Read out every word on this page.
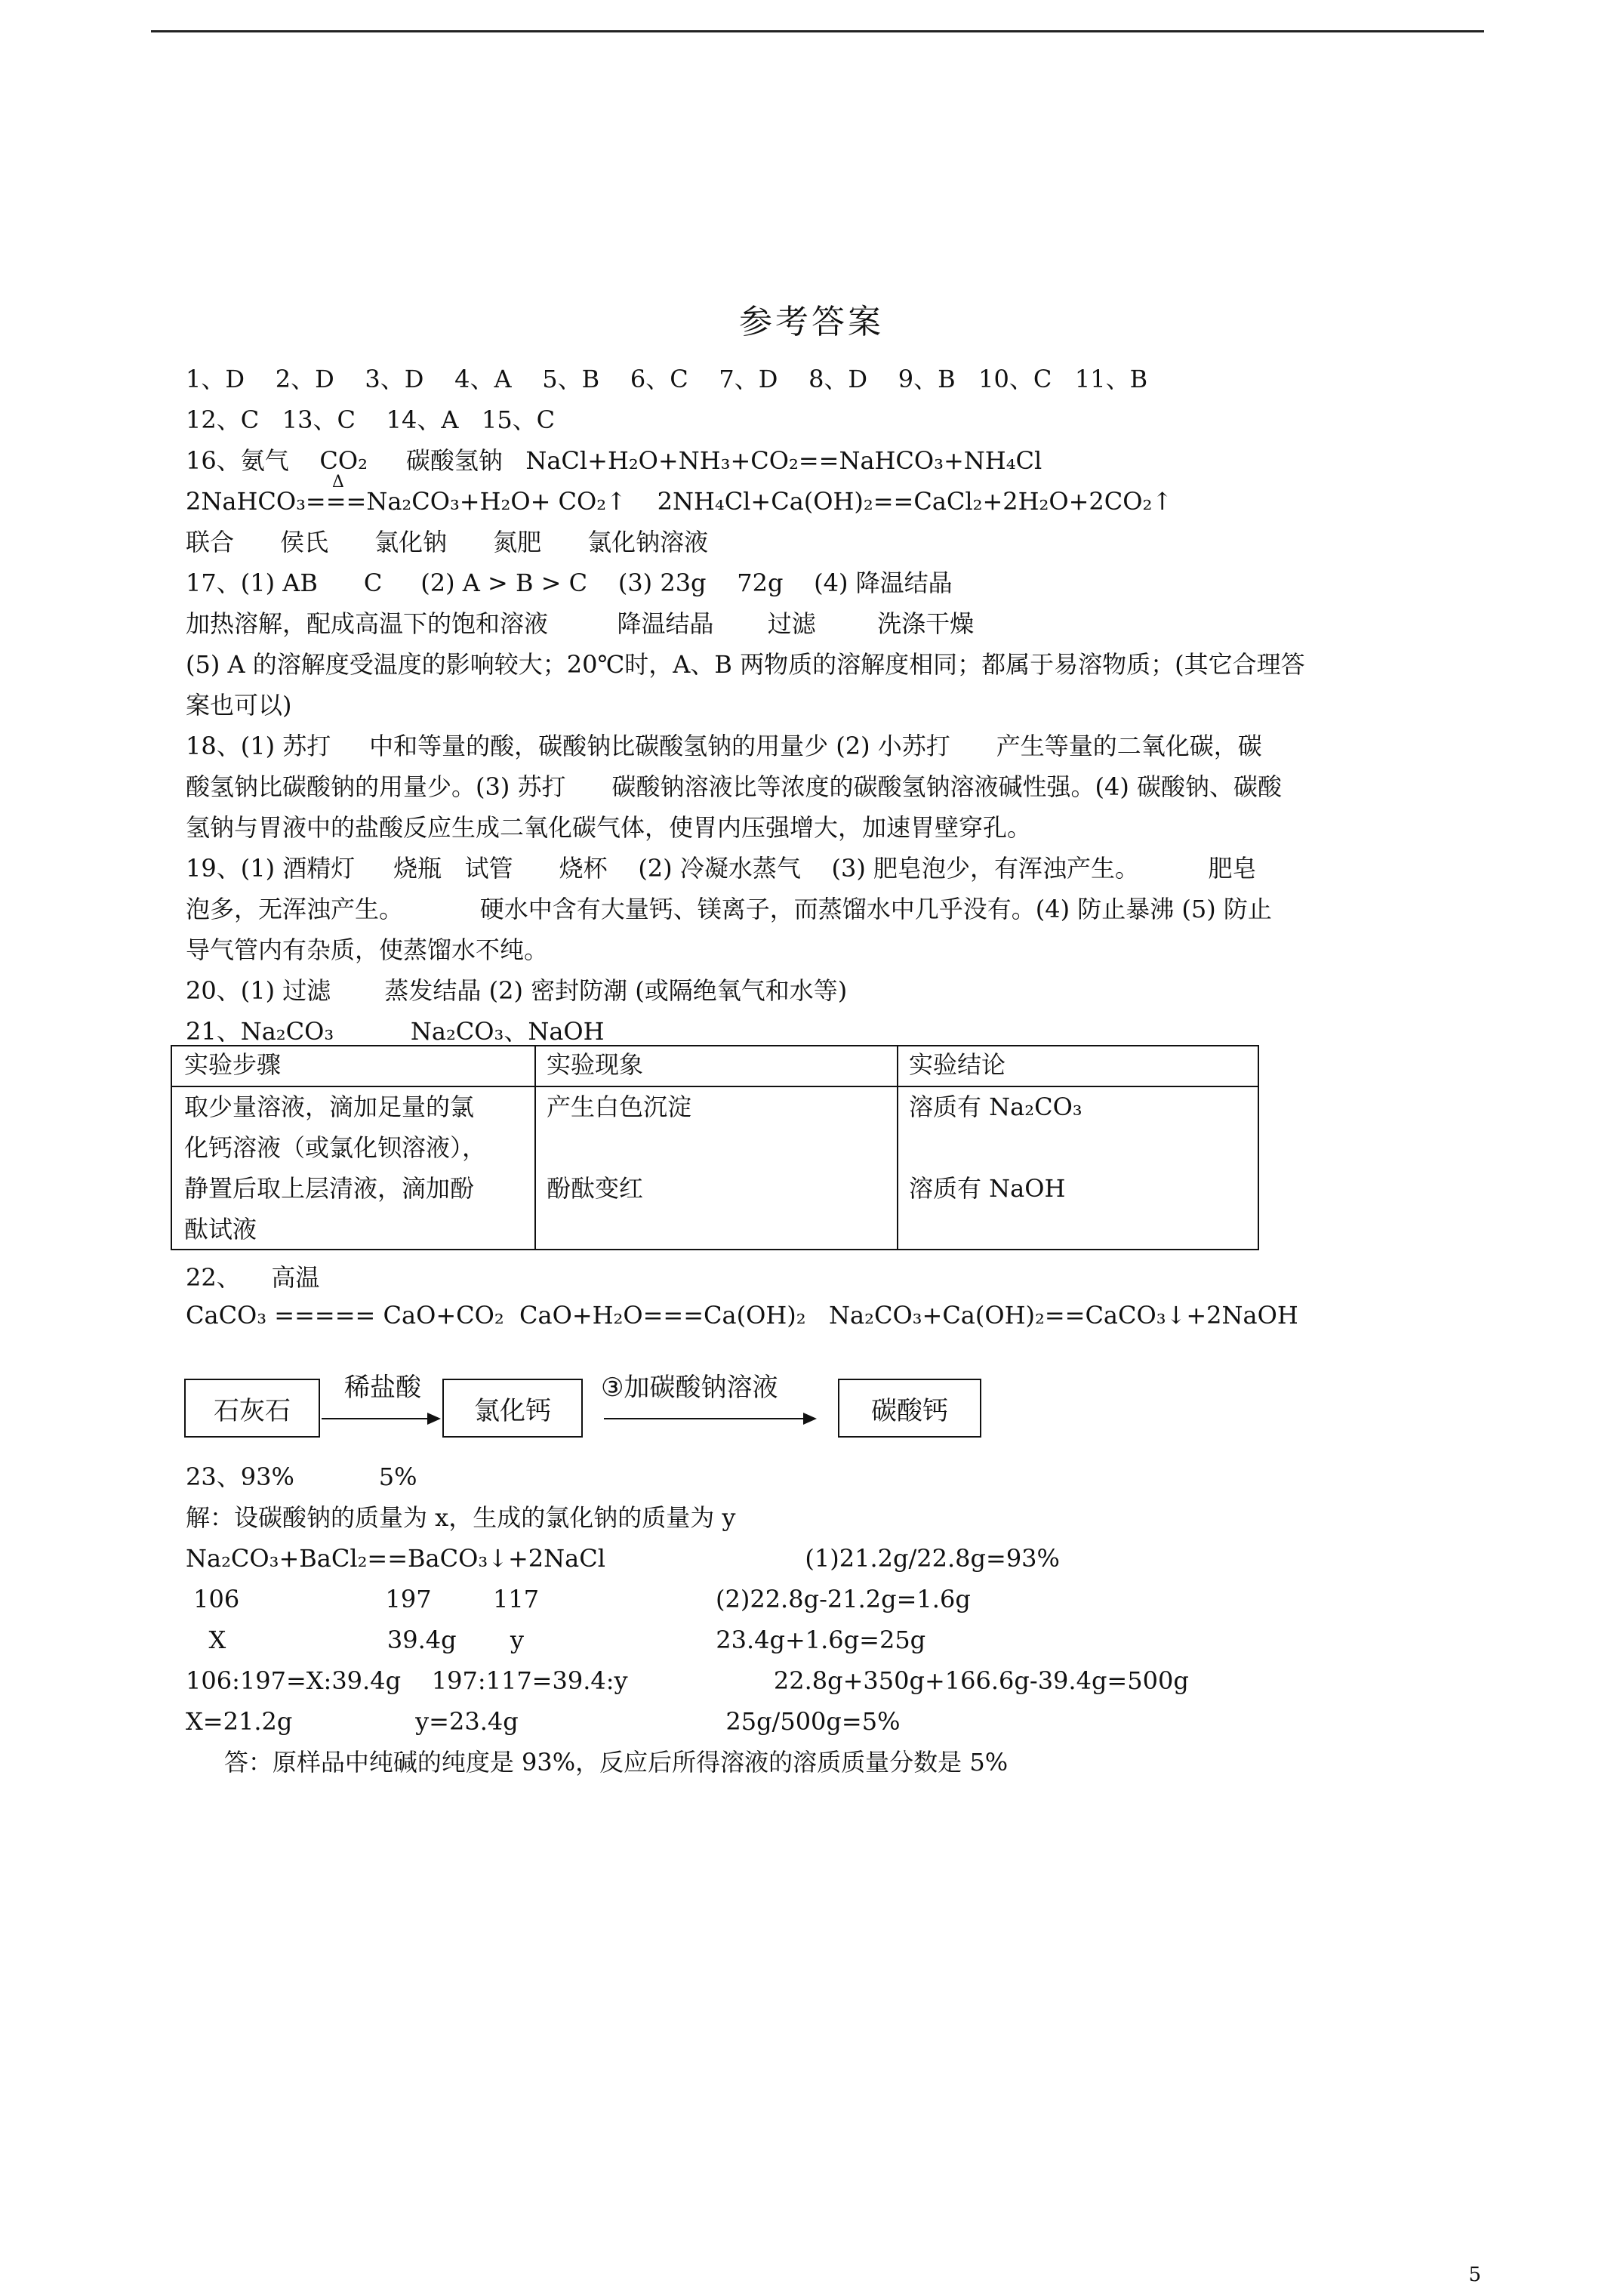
参考答案
1、D    2、D    3、D    4、A    5、B    6、C    7、D    8、D    9、B   10、C   11、B
12、C   13、C    14、A   15、C
16、氨气    CO₂     碳酸氢钠   NaCl+H₂O+NH₃+CO₂==NaHCO₃+NH₄Cl
2NaHCO₃===Na₂CO₃+H₂O+ CO₂↑    2NH₄Cl+Ca(OH)₂==CaCl₂+2H₂O+2CO₂↑
联合      侯氏      氯化钠      氮肥      氯化钠溶液
17、(1) AB      C     (2) A > B > C    (3) 23g    72g    (4) 降温结晶
加热溶解，配成高温下的饱和溶液         降温结晶       过滤        洗涤干燥
(5) A 的溶解度受温度的影响较大；20℃时，A、B 两物质的溶解度相同；都属于易溶物质；(其它合理答
案也可以)
18、(1) 苏打     中和等量的酸，碳酸钠比碳酸氢钠的用量少 (2) 小苏打      产生等量的二氧化碳，碳
酸氢钠比碳酸钠的用量少。(3) 苏打      碳酸钠溶液比等浓度的碳酸氢钠溶液碱性强。(4) 碳酸钠、碳酸
氢钠与胃液中的盐酸反应生成二氧化碳气体，使胃内压强增大，加速胃壁穿孔。
19、(1) 酒精灯     烧瓶   试管      烧杯    (2) 冷凝水蒸气    (3) 肥皂泡少，有浑浊产生。         肥皂
泡多，无浑浊产生。          硬水中含有大量钙、镁离子，而蒸馏水中几乎没有。(4) 防止暴沸 (5) 防止
导气管内有杂质，使蒸馏水不纯。
20、(1) 过滤       蒸发结晶 (2) 密封防潮 (或隔绝氧气和水等)
21、Na₂CO₃          Na₂CO₃、NaOH
22、    高温
CaCO₃ ===== CaO+CO₂  CaO+H₂O===Ca(OH)₂   Na₂CO₃+Ca(OH)₂==CaCO₃↓+2NaOH
23、93%           5%
解：设碳酸钠的质量为 x，生成的氯化钠的质量为 y
Na₂CO₃+BaCl₂==BaCO₃↓+2NaCl                          (1)21.2g/22.8g=93%
106                   197        117                       (2)22.8g-21.2g=1.6g
X                     39.4g       y                         23.4g+1.6g=25g
106:197=X:39.4g    197:117=39.4:y                   22.8g+350g+166.6g-39.4g=500g
X=21.2g                y=23.4g                           25g/500g=5%
答：原样品中纯碱的纯度是 93%，反应后所得溶液的溶质质量分数是 5%
Δ
实验步骤	实验现象	实验结论
取少量溶液，滴加足量的氯
化钙溶液（或氯化钡溶液），
静置后取上层清液，滴加酚
酞试液
产生白色沉淀
酚酞变红
溶质有 Na₂CO₃
溶质有 NaOH
石灰石
稀盐酸
氯化钙
③加碳酸钠溶液
碳酸钙
5
